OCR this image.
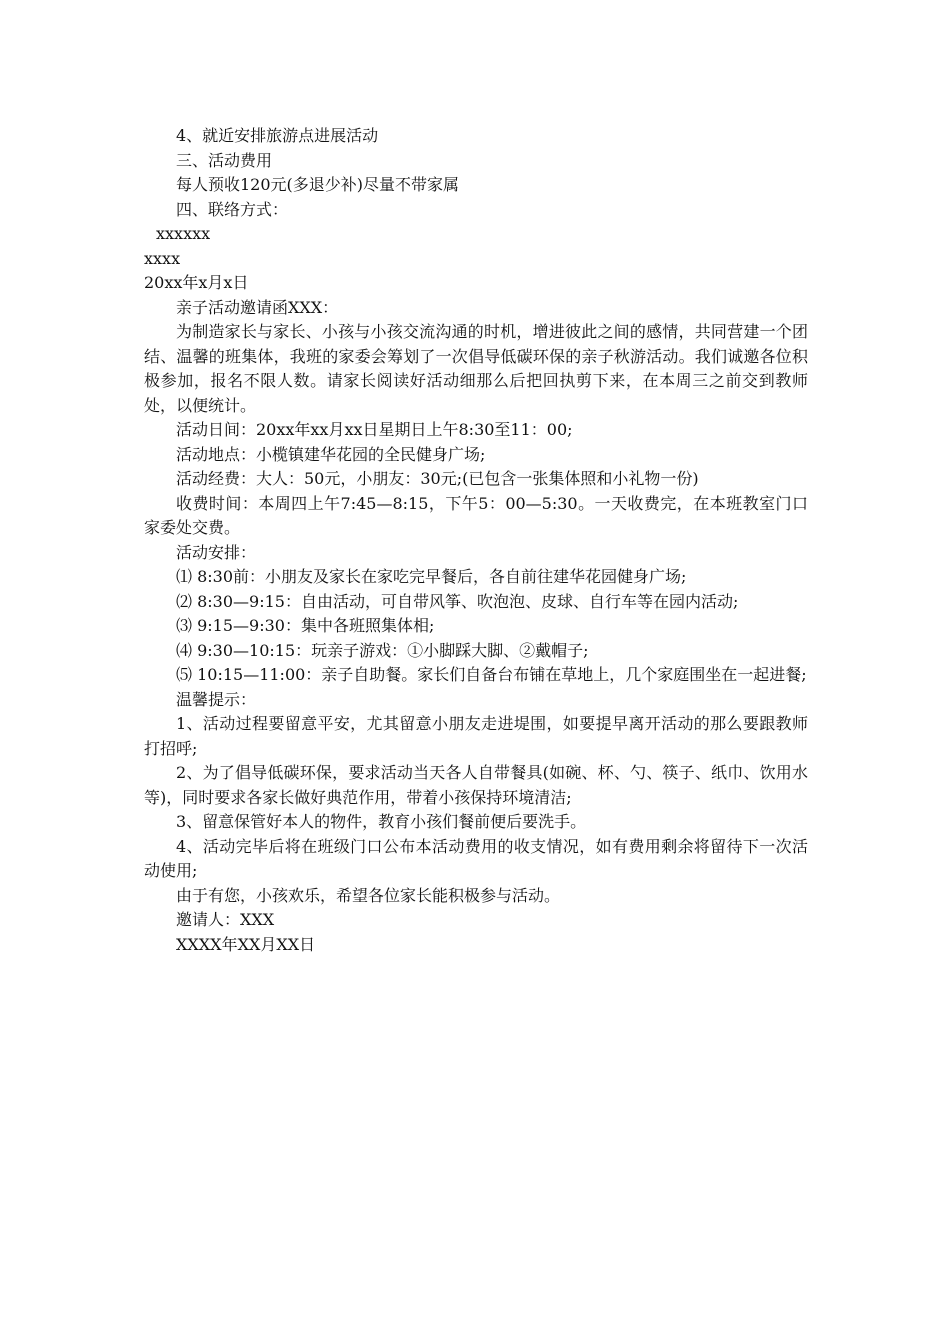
4、就近安排旅游点进展活动

三、活动费用

每人预收120元(多退少补)尽量不带家属

四、联络方式：

xxxxxx

xxxx

20xx年x月x日

亲子活动邀请函XXX：

为制造家长与家长、小孩与小孩交流沟通的时机，增进彼此之间的感情，共同营建一个团结、温馨的班集体，我班的家委会筹划了一次倡导低碳环保的亲子秋游活动。我们诚邀各位积极参加，报名不限人数。请家长阅读好活动细那么后把回执剪下来，在本周三之前交到教师处，以便统计。

活动日间：20xx年xx月xx日星期日上午8:30至11：00;

活动地点：小榄镇建华花园的全民健身广场;

活动经费：大人：50元，小朋友：30元;(已包含一张集体照和小礼物一份)

收费时间：本周四上午7:45—8:15，下午5：00—5:30。一天收费完，在本班教室门口家委处交费。

活动安排：

⑴ 8:30前：小朋友及家长在家吃完早餐后，各自前往建华花园健身广场;

⑵ 8:30—9:15：自由活动，可自带风筝、吹泡泡、皮球、自行车等在园内活动;

⑶ 9:15—9:30：集中各班照集体相;

⑷ 9:30—10:15：玩亲子游戏：①小脚踩大脚、②戴帽子;

⑸ 10:15—11:00：亲子自助餐。家长们自备台布铺在草地上，几个家庭围坐在一起进餐;

温馨提示：

1、活动过程要留意平安，尤其留意小朋友走进堤围，如要提早离开活动的那么要跟教师打招呼;

2、为了倡导低碳环保，要求活动当天各人自带餐具(如碗、杯、勺、筷子、纸巾、饮用水等)，同时要求各家长做好典范作用，带着小孩保持环境清洁;

3、留意保管好本人的物件，教育小孩们餐前便后要洗手。

4、活动完毕后将在班级门口公布本活动费用的收支情况，如有费用剩余将留待下一次活动使用;

由于有您，小孩欢乐，希望各位家长能积极参与活动。

邀请人：XXX

XXXX年XX月XX日
